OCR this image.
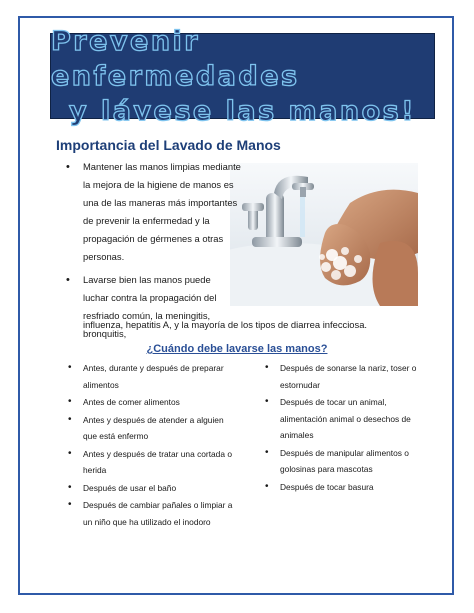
Prevenir enfermedades
y lávese las manos!
Importancia del Lavado de Manos
• Mantener las manos limpias mediante la mejora de la higiene de manos es una de las maneras más importantes de prevenir la enfermedad y la propagación de gérmenes a otras personas.
• Lavarse bien las manos puede luchar contra la propagación del resfriado común, la meningitis, bronquitis,

influenza, hepatitis A, y la mayoría de los tipos de diarrea infecciosa.

¿Cuándo debe lavarse las manos?
• Antes, durante y después de preparar alimentos
• Antes de comer alimentos
• Antes y después de atender a alguien que está enfermo
• Antes y después de tratar una cortada o herida
• Después de usar el baño
• Después de cambiar pañales o limpiar a un niño que ha utilizado el inodoro
• Después de sonarse la nariz, toser o estornudar
• Después de tocar un animal, alimentación animal o desechos de animales
• Después de manipular alimentos o golosinas para mascotas
• Después de tocar basura
